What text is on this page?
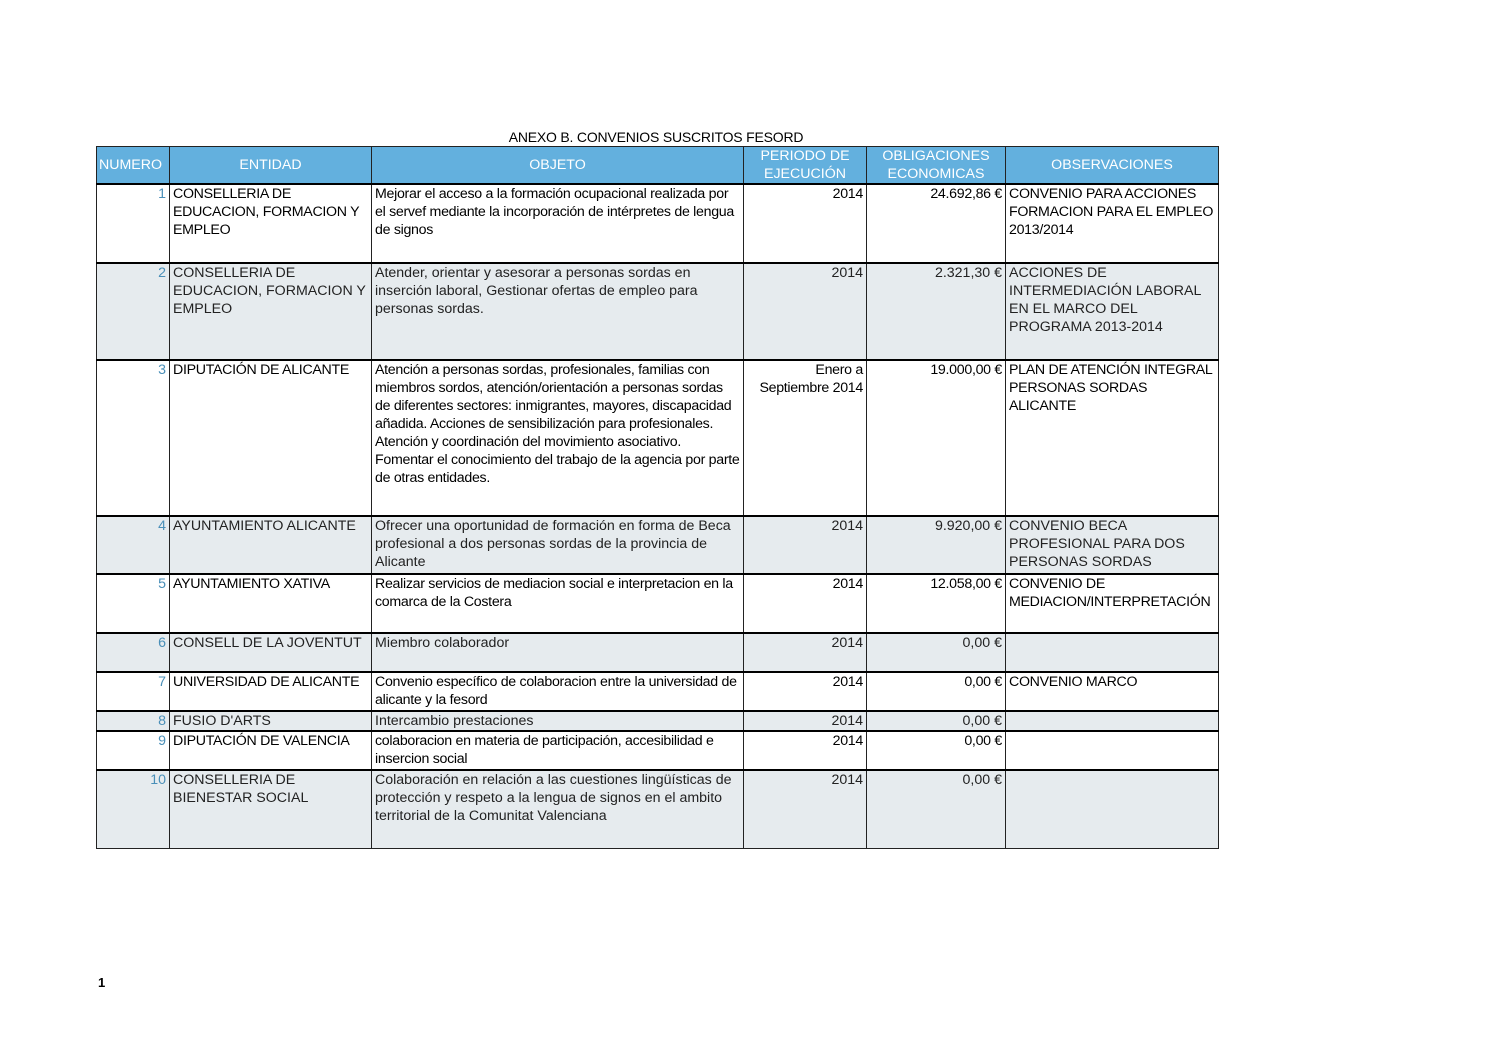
ANEXO B. CONVENIOS SUSCRITOS FESORD
NUMERO	ENTIDAD	OBJETO	PERIODO DE EJECUCIÓN	OBLIGACIONES ECONOMICAS	OBSERVACIONES
1	CONSELLERIA DE EDUCACION, FORMACION Y EMPLEO	Mejorar el acceso a la formación ocupacional realizada por el servef mediante la incorporación de intérpretes de lengua de signos	2014	24.692,86 €	CONVENIO PARA ACCIONES FORMACION PARA EL EMPLEO 2013/2014
2	CONSELLERIA DE EDUCACION, FORMACION Y EMPLEO	Atender, orientar y asesorar a personas sordas en inserción laboral, Gestionar ofertas de empleo para personas sordas.	2014	2.321,30 €	ACCIONES DE INTERMEDIACIÓN LABORAL EN EL MARCO DEL PROGRAMA 2013-2014
3	DIPUTACIÓN DE ALICANTE	Atención a personas sordas, profesionales, familias con miembros sordos, atención/orientación a personas sordas de diferentes sectores: inmigrantes, mayores, discapacidad añadida. Acciones de sensibilización para profesionales. Atención y coordinación del movimiento asociativo. Fomentar el conocimiento del trabajo de la agencia por parte de otras entidades.	Enero a Septiembre 2014	19.000,00 €	PLAN DE ATENCIÓN INTEGRAL PERSONAS SORDAS ALICANTE
4	AYUNTAMIENTO ALICANTE	Ofrecer una oportunidad de formación en forma de Beca profesional a dos personas sordas de la provincia de Alicante	2014	9.920,00 €	CONVENIO BECA PROFESIONAL PARA DOS PERSONAS SORDAS
5	AYUNTAMIENTO XATIVA	Realizar servicios de mediacion social e interpretacion en la comarca de la Costera	2014	12.058,00 €	CONVENIO DE MEDIACION/INTERPRETACIÓN
6	CONSELL DE LA JOVENTUT	Miembro colaborador	2014	0,00 €	
7	UNIVERSIDAD DE ALICANTE	Convenio específico de colaboracion entre la universidad de alicante y la fesord	2014	0,00 €	CONVENIO MARCO
8	FUSIO D'ARTS	Intercambio prestaciones	2014	0,00 €	
9	DIPUTACIÓN DE VALENCIA	colaboracion en materia de participación, accesibilidad e insercion social	2014	0,00 €	
10	CONSELLERIA DE BIENESTAR SOCIAL	Colaboración en relación a las cuestiones lingüísticas de protección y respeto a la lengua de signos en el ambito territorial de la Comunitat Valenciana	2014	0,00 €	
1
